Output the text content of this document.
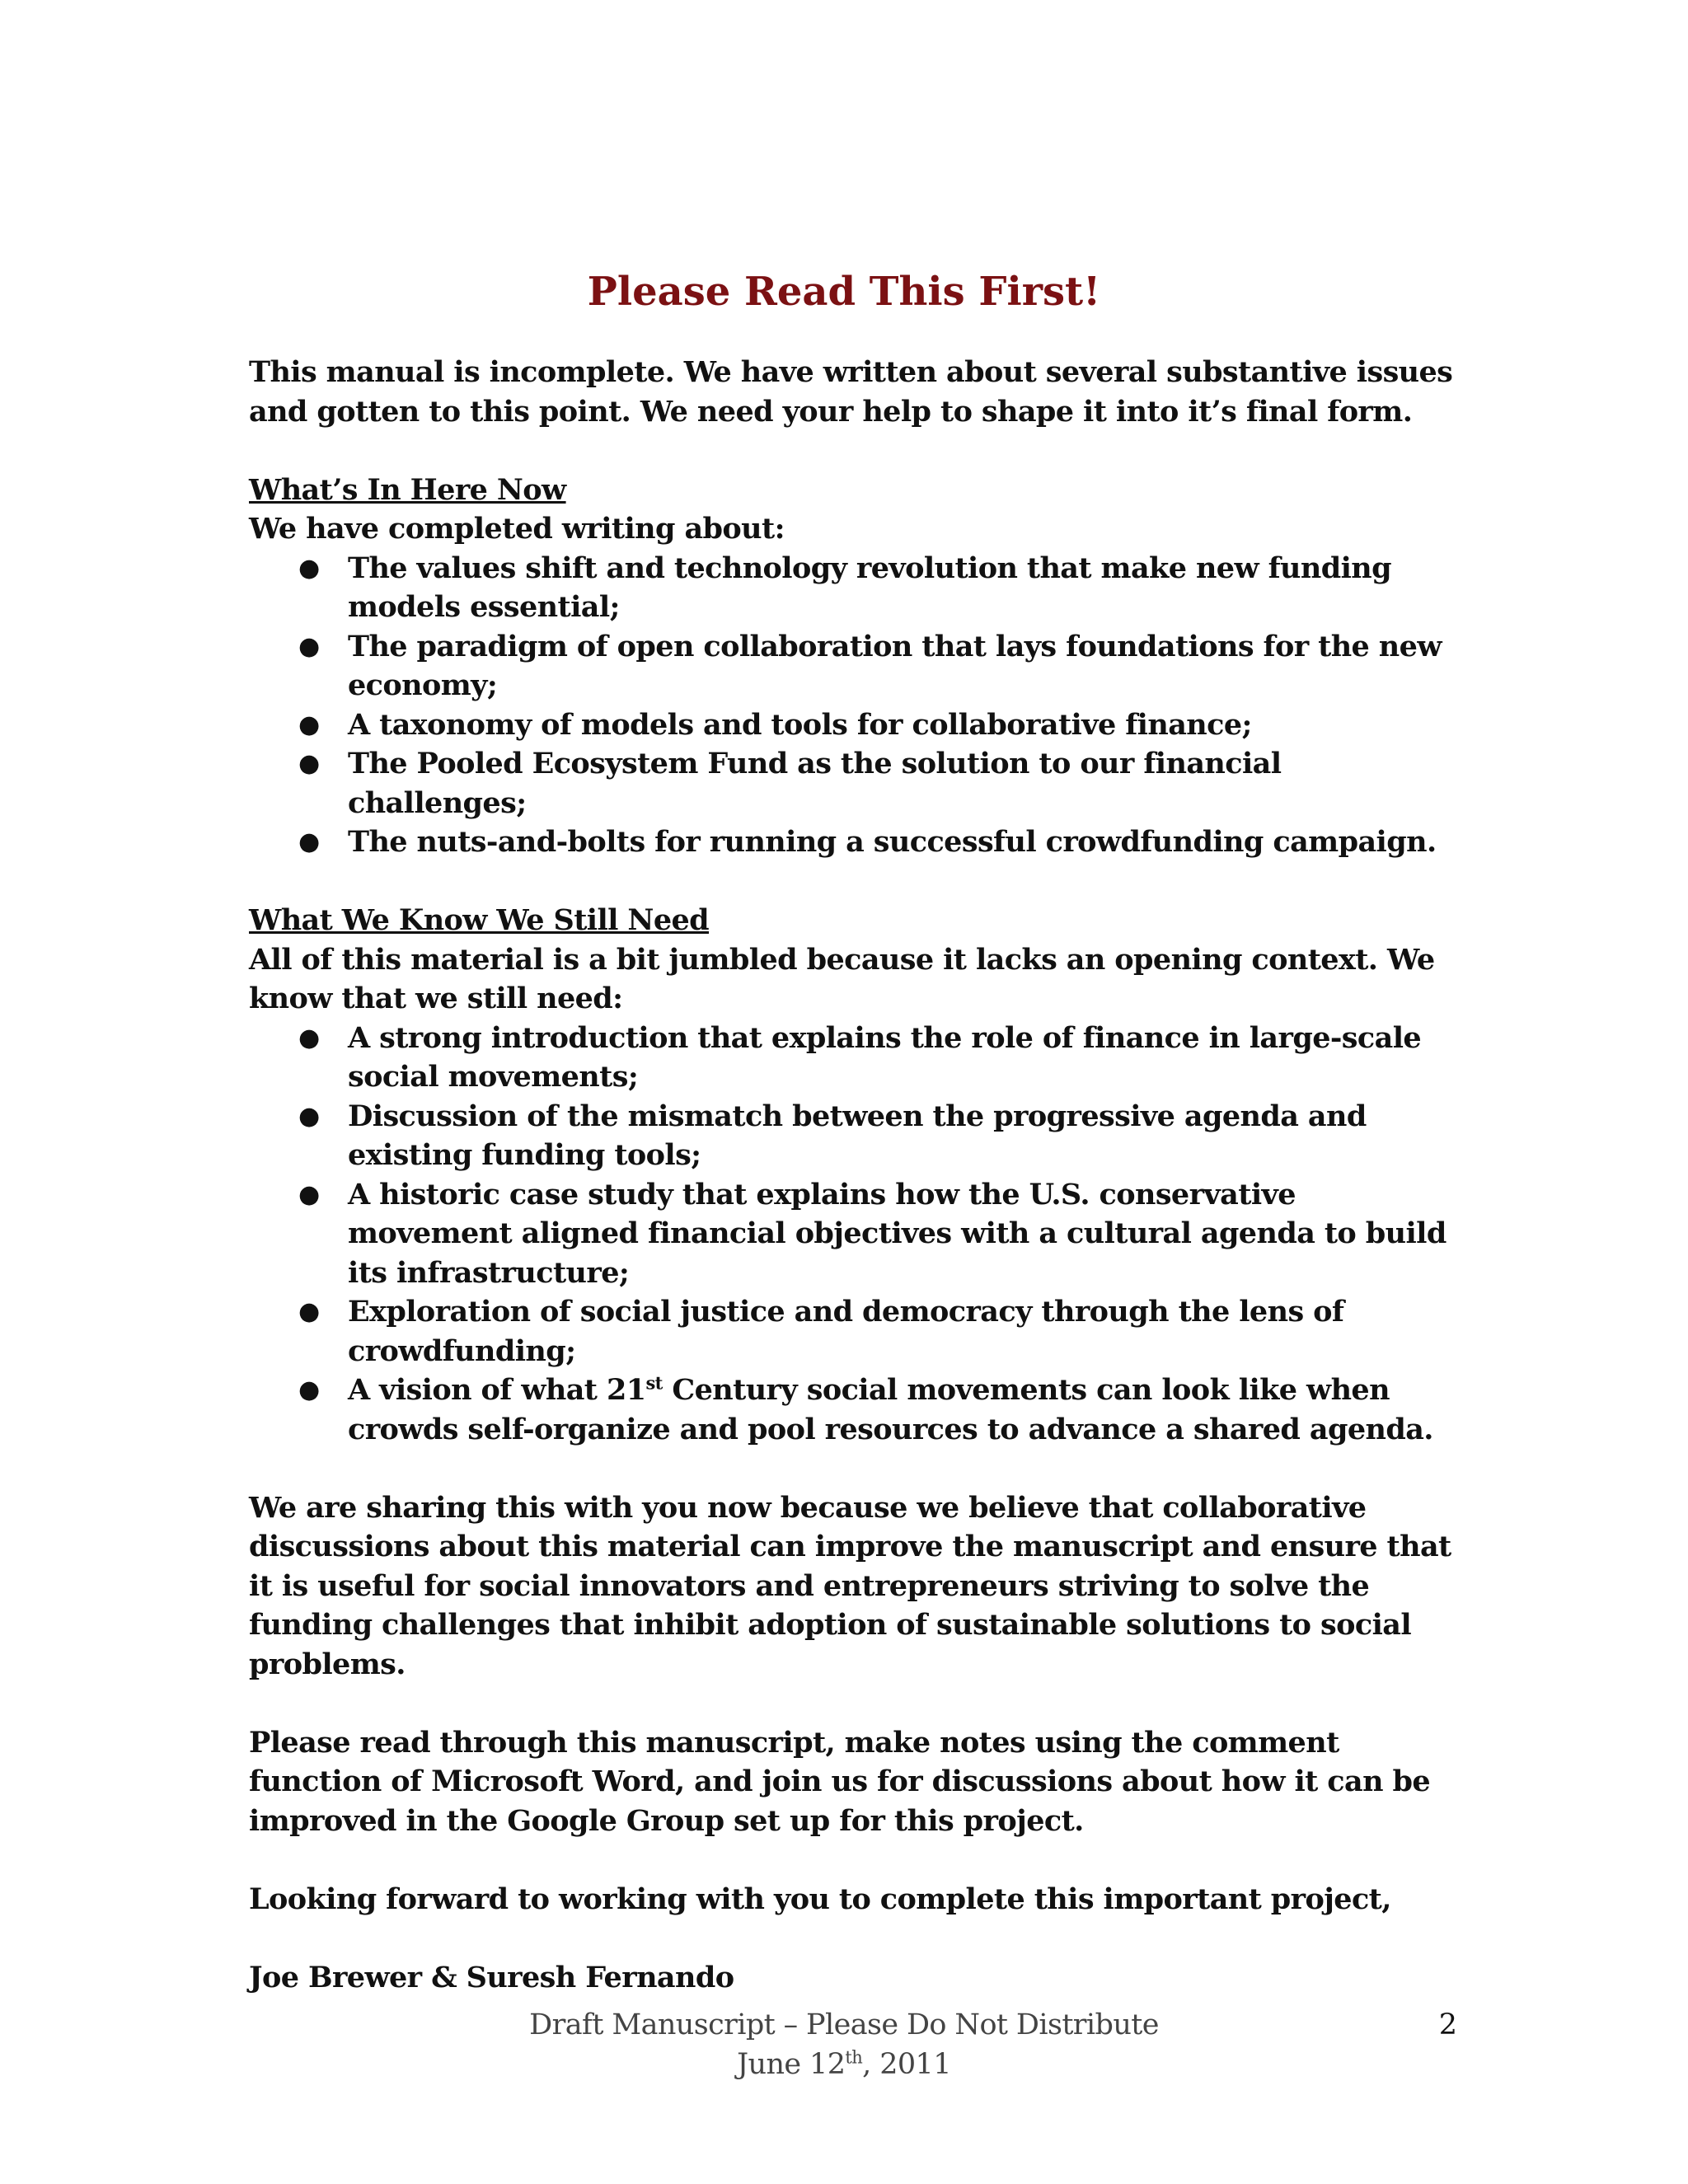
Please Read This First!

This manual is incomplete. We have written about several substantive issues and gotten to this point. We need your help to shape it into it’s final form.

What’s In Here Now

We have completed writing about:

● The values shift and technology revolution that make new funding models essential;
● The paradigm of open collaboration that lays foundations for the new economy;
● A taxonomy of models and tools for collaborative finance;
● The Pooled Ecosystem Fund as the solution to our financial challenges;
● The nuts-and-bolts for running a successful crowdfunding campaign.

What We Know We Still Need

All of this material is a bit jumbled because it lacks an opening context. We know that we still need:

● A strong introduction that explains the role of finance in large-scale social movements;
● Discussion of the mismatch between the progressive agenda and existing funding tools;
● A historic case study that explains how the U.S. conservative movement aligned financial objectives with a cultural agenda to build its infrastructure;
● Exploration of social justice and democracy through the lens of crowdfunding;
● A vision of what 21st Century social movements can look like when crowds self-organize and pool resources to advance a shared agenda.

We are sharing this with you now because we believe that collaborative discussions about this material can improve the manuscript and ensure that it is useful for social innovators and entrepreneurs striving to solve the funding challenges that inhibit adoption of sustainable solutions to social problems.

Please read through this manuscript, make notes using the comment function of Microsoft Word, and join us for discussions about how it can be improved in the Google Group set up for this project.

Looking forward to working with you to complete this important project,

Joe Brewer & Suresh Fernando

Draft Manuscript – Please Do Not Distribute
June 12th, 2011
2
